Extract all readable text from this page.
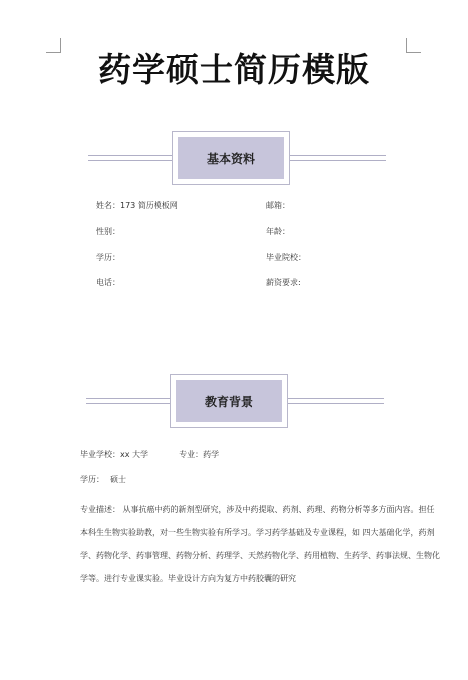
药学硕士简历模版
基本资料
姓名：173 简历模板网	邮箱：
性别：	年龄：
学历：	毕业院校：
电话：	薪资要求:
教育背景
毕业学校：xx 大学	专业：药学
学历： 硕士
专业描述： 从事抗癌中药的新剂型研究，涉及中药提取、药剂、药理、药物分析等多方面内容。担任本科生生物实验助教，对一些生物实验有所学习。学习药学基础及专业课程，如 四大基础化学，药剂学、药物化学、药事管理、药物分析、药理学、天然药物化学、药用植物、生药学、药事法规、生物化学等。进行专业课实验。毕业设计方向为复方中药胶囊的研究
